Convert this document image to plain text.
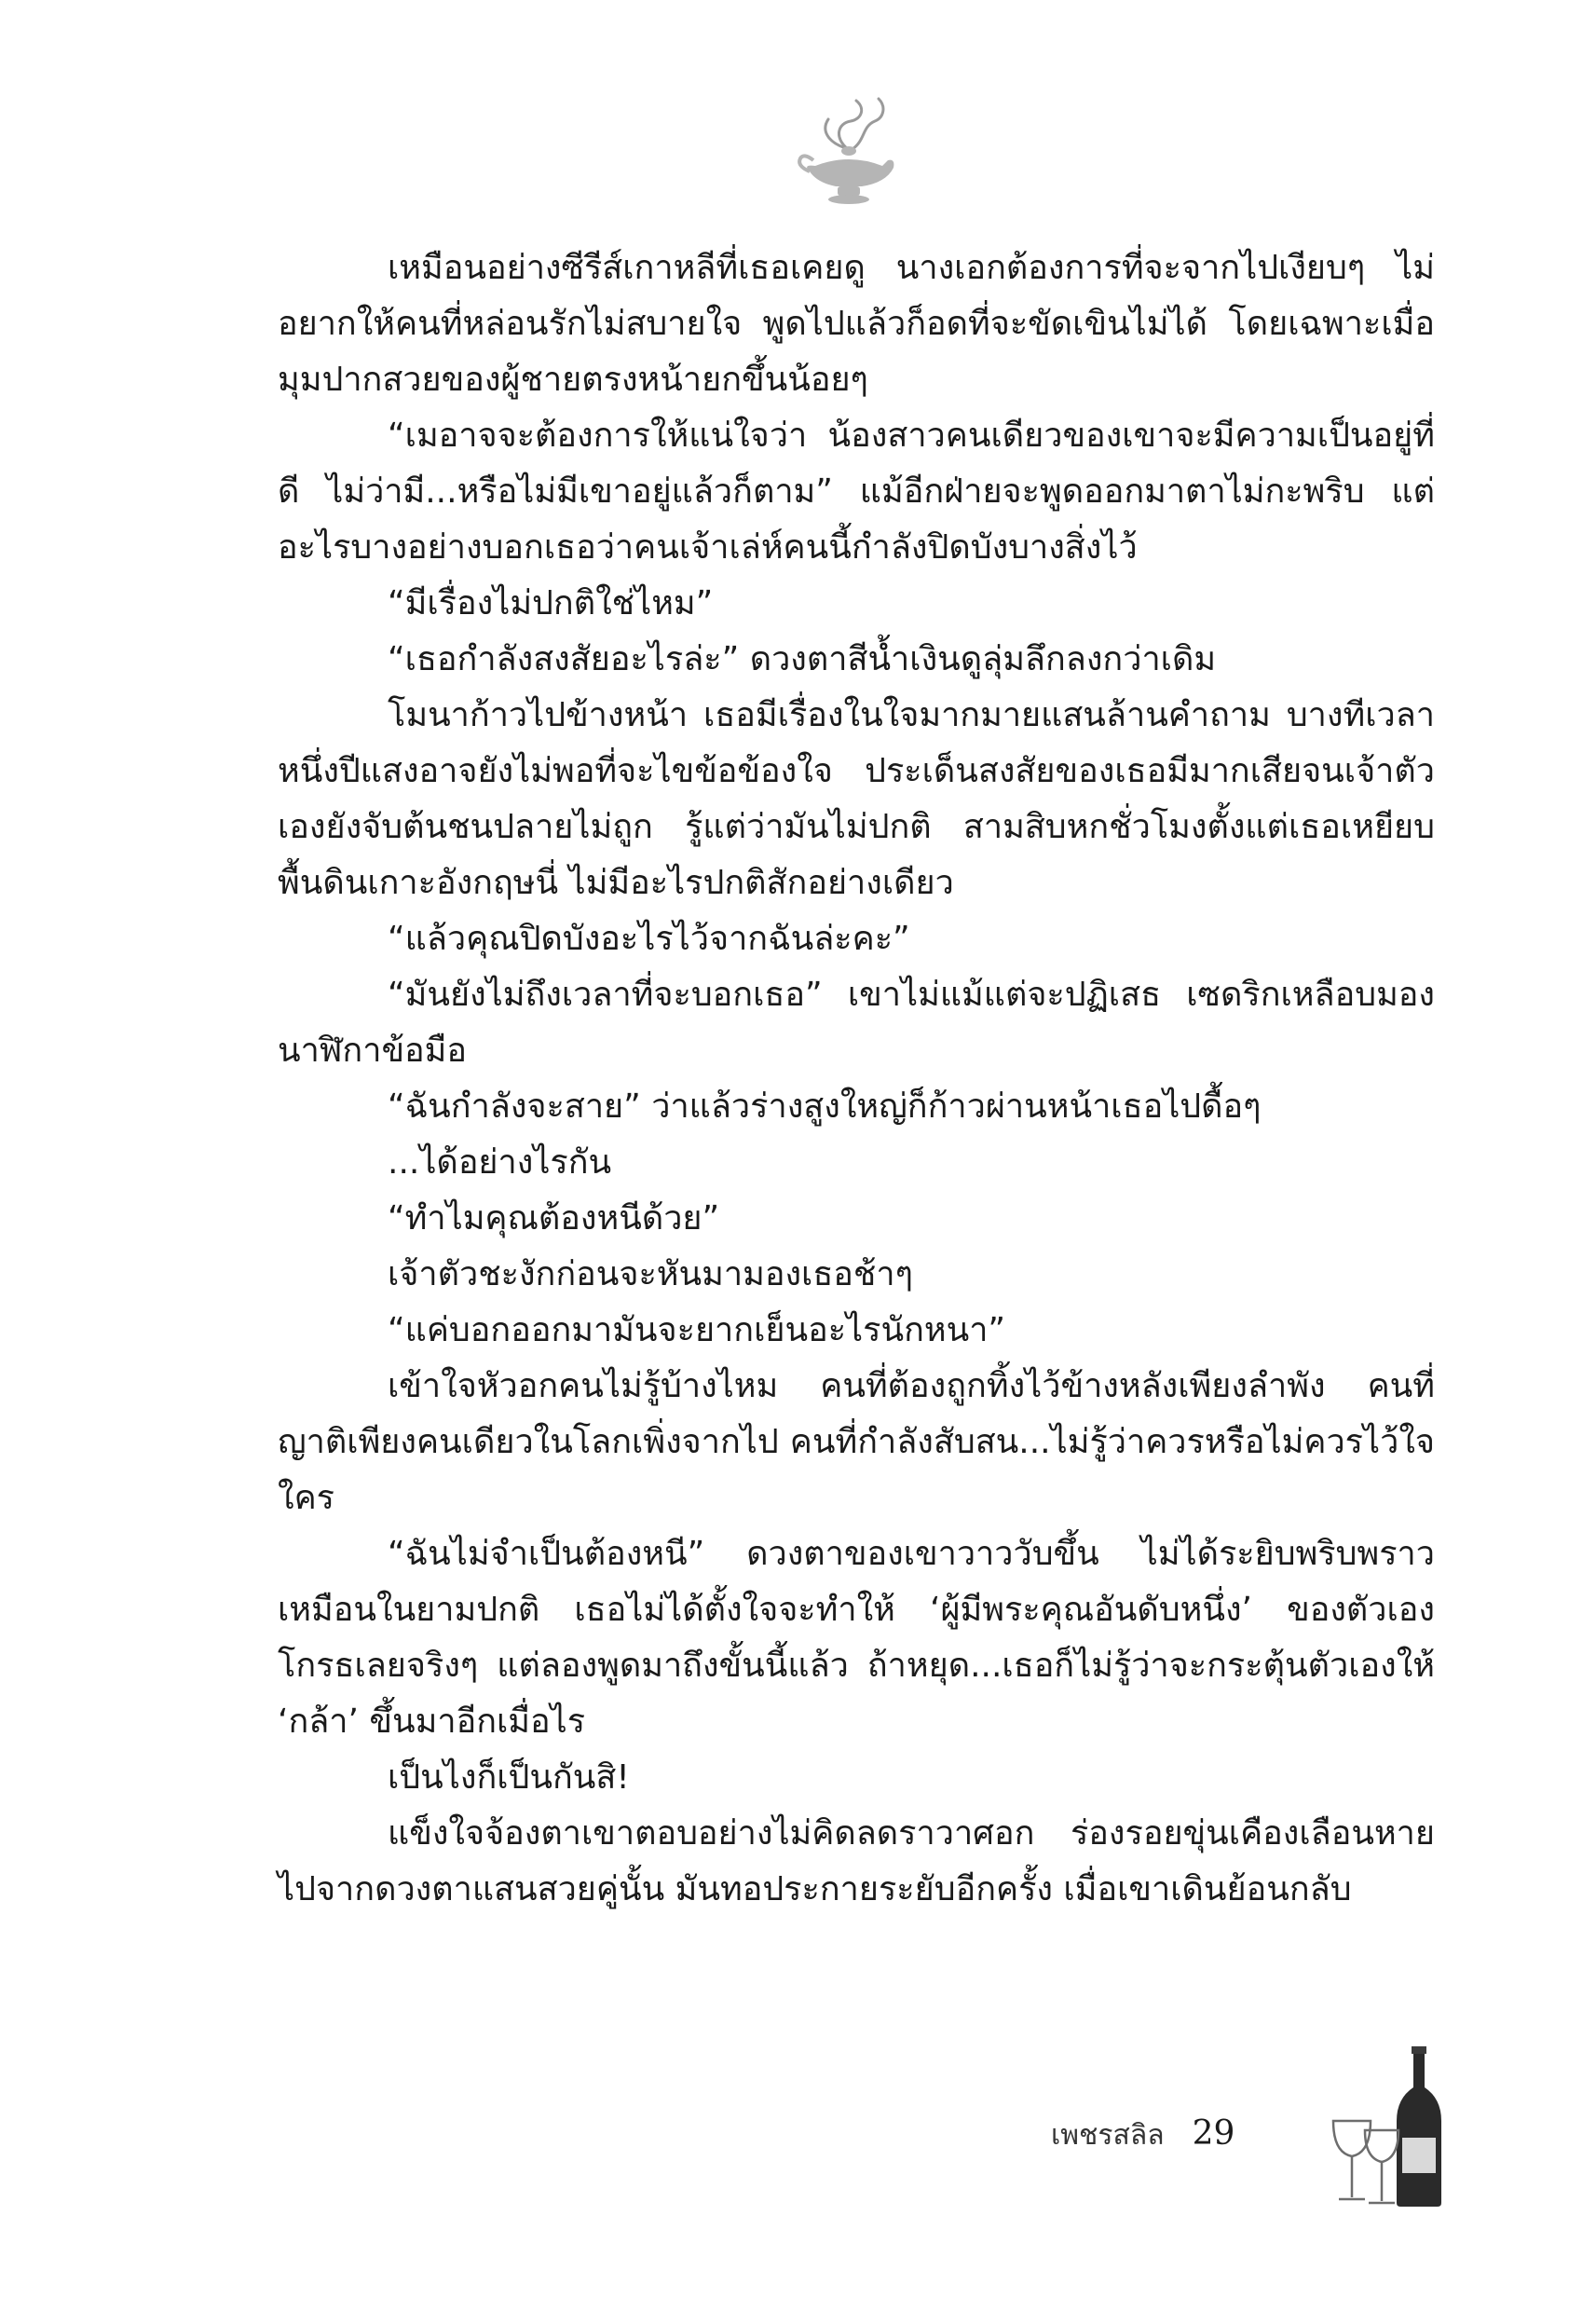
เหมือนอย่างซีรีส์เกาหลีที่เธอเคยดู นางเอกต้องการที่จะจากไปเงียบๆ ไม่อยากให้คนที่หล่อนรักไม่สบายใจ พูดไปแล้วก็อดที่จะขัดเขินไม่ได้ โดยเฉพาะเมื่อมุมปากสวยของผู้ชายตรงหน้ายกขึ้นน้อยๆ

“เมอาจจะต้องการให้แน่ใจว่า น้องสาวคนเดียวของเขาจะมีความเป็นอยู่ที่ดี ไม่ว่ามี...หรือไม่มีเขาอยู่แล้วก็ตาม” แม้อีกฝ่ายจะพูดออกมาตาไม่กะพริบ แต่อะไรบางอย่างบอกเธอว่าคนเจ้าเล่ห์คนนี้กำลังปิดบังบางสิ่งไว้

“มีเรื่องไม่ปกติใช่ไหม”

“เธอกำลังสงสัยอะไรล่ะ” ดวงตาสีน้ำเงินดูลุ่มลึกลงกว่าเดิม

โมนาก้าวไปข้างหน้า เธอมีเรื่องในใจมากมายแสนล้านคำถาม บางทีเวลาหนึ่งปีแสงอาจยังไม่พอที่จะไขข้อข้องใจ ประเด็นสงสัยของเธอมีมากเสียจนเจ้าตัวเองยังจับต้นชนปลายไม่ถูก รู้แต่ว่ามันไม่ปกติ สามสิบหกชั่วโมงตั้งแต่เธอเหยียบพื้นดินเกาะอังกฤษนี่ ไม่มีอะไรปกติสักอย่างเดียว

“แล้วคุณปิดบังอะไรไว้จากฉันล่ะคะ”

“มันยังไม่ถึงเวลาที่จะบอกเธอ” เขาไม่แม้แต่จะปฏิเสธ เซดริกเหลือบมองนาฬิกาข้อมือ

“ฉันกำลังจะสาย” ว่าแล้วร่างสูงใหญ่ก็ก้าวผ่านหน้าเธอไปดื้อๆ

...ได้อย่างไรกัน

“ทำไมคุณต้องหนีด้วย”

เจ้าตัวชะงักก่อนจะหันมามองเธอช้าๆ

“แค่บอกออกมามันจะยากเย็นอะไรนักหนา”

เข้าใจหัวอกคนไม่รู้บ้างไหม คนที่ต้องถูกทิ้งไว้ข้างหลังเพียงลำพัง คนที่ญาติเพียงคนเดียวในโลกเพิ่งจากไป คนที่กำลังสับสน...ไม่รู้ว่าควรหรือไม่ควรไว้ใจใคร

“ฉันไม่จำเป็นต้องหนี” ดวงตาของเขาวาววับขึ้น ไม่ได้ระยิบพริบพราวเหมือนในยามปกติ เธอไม่ได้ตั้งใจจะทำให้ ‘ผู้มีพระคุณอันดับหนึ่ง’ ของตัวเองโกรธเลยจริงๆ แต่ลองพูดมาถึงขั้นนี้แล้ว ถ้าหยุด...เธอก็ไม่รู้ว่าจะกระตุ้นตัวเองให้ ‘กล้า’ ขึ้นมาอีกเมื่อไร

เป็นไงก็เป็นกันสิ!

แข็งใจจ้องตาเขาตอบอย่างไม่คิดลดราวาศอก ร่องรอยขุ่นเคืองเลือนหายไปจากดวงตาแสนสวยคู่นั้น มันทอประกายระยับอีกครั้ง เมื่อเขาเดินย้อนกลับ

เพชรสลิล 29
